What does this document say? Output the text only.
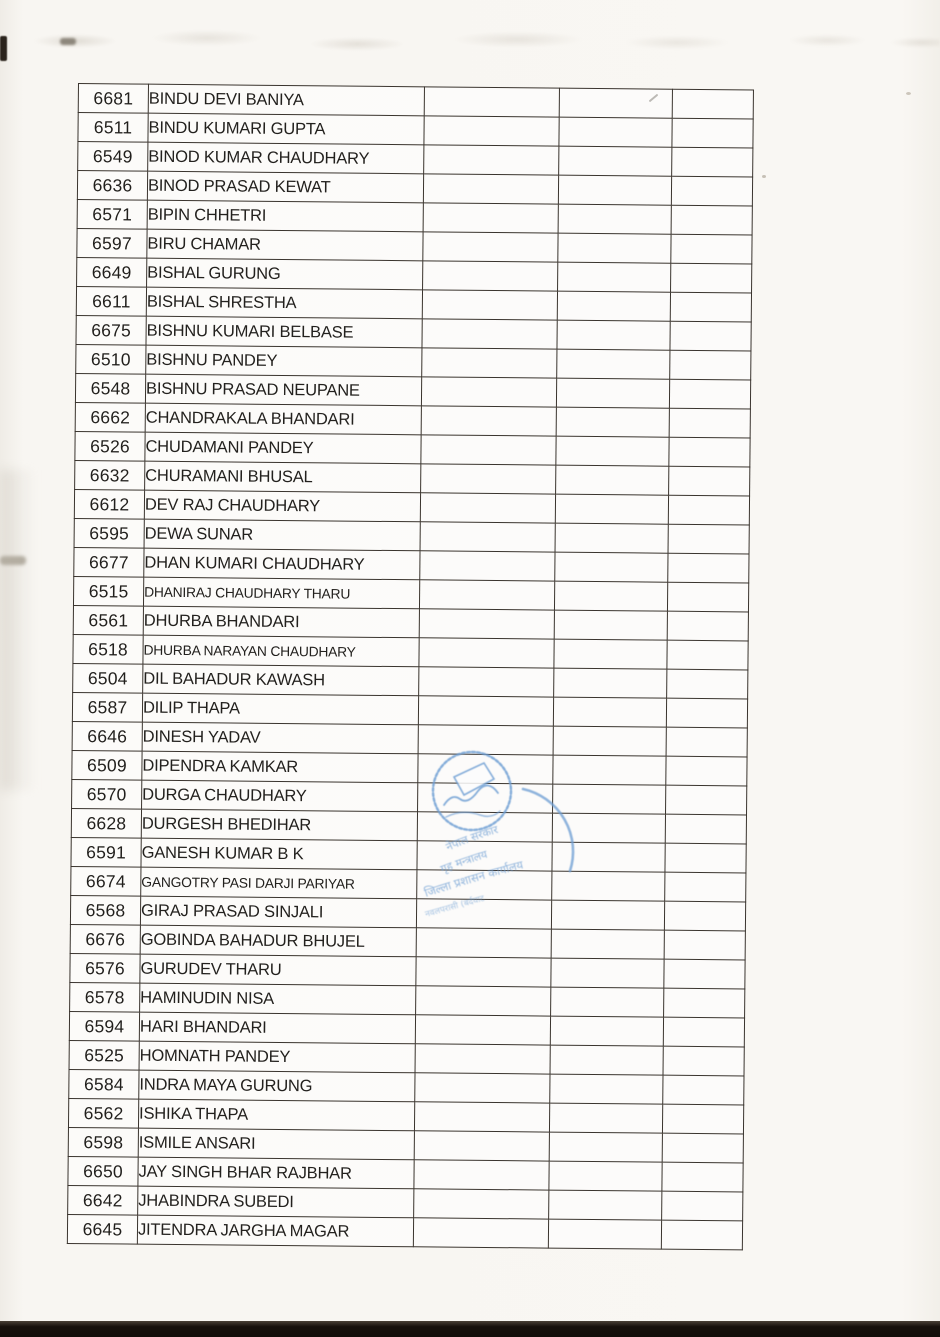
6681	BINDU DEVI BANIYA			
6511	BINDU KUMARI GUPTA			
6549	BINOD KUMAR CHAUDHARY			
6636	BINOD PRASAD KEWAT			
6571	BIPIN CHHETRI			
6597	BIRU CHAMAR			
6649	BISHAL GURUNG			
6611	BISHAL SHRESTHA			
6675	BISHNU KUMARI BELBASE			
6510	BISHNU PANDEY			
6548	BISHNU PRASAD NEUPANE			
6662	CHANDRAKALA BHANDARI			
6526	CHUDAMANI PANDEY			
6632	CHURAMANI BHUSAL			
6612	DEV RAJ CHAUDHARY			
6595	DEWA SUNAR			
6677	DHAN KUMARI CHAUDHARY			
6515	DHANIRAJ CHAUDHARY THARU			
6561	DHURBA BHANDARI			
6518	DHURBA NARAYAN CHAUDHARY			
6504	DIL BAHADUR KAWASH			
6587	DILIP THAPA			
6646	DINESH YADAV			
6509	DIPENDRA KAMKAR			
6570	DURGA CHAUDHARY			
6628	DURGESH BHEDIHAR			
6591	GANESH KUMAR B K			
6674	GANGOTRY PASI DARJI PARIYAR			
6568	GIRAJ PRASAD SINJALI			
6676	GOBINDA BAHADUR BHUJEL			
6576	GURUDEV THARU			
6578	HAMINUDIN NISA			
6594	HARI BHANDARI			
6525	HOMNATH PANDEY			
6584	INDRA MAYA GURUNG			
6562	ISHIKA THAPA			
6598	ISMILE ANSARI			
6650	JAY SINGH BHAR RAJBHAR			
6642	JHABINDRA SUBEDI			
6645	JITENDRA JARGHA MAGAR			
नेपाल सरकार
गृह मन्त्रालय
जिल्ला प्रशासन कार्यालय
नवलपरासी (बर्दघाट
